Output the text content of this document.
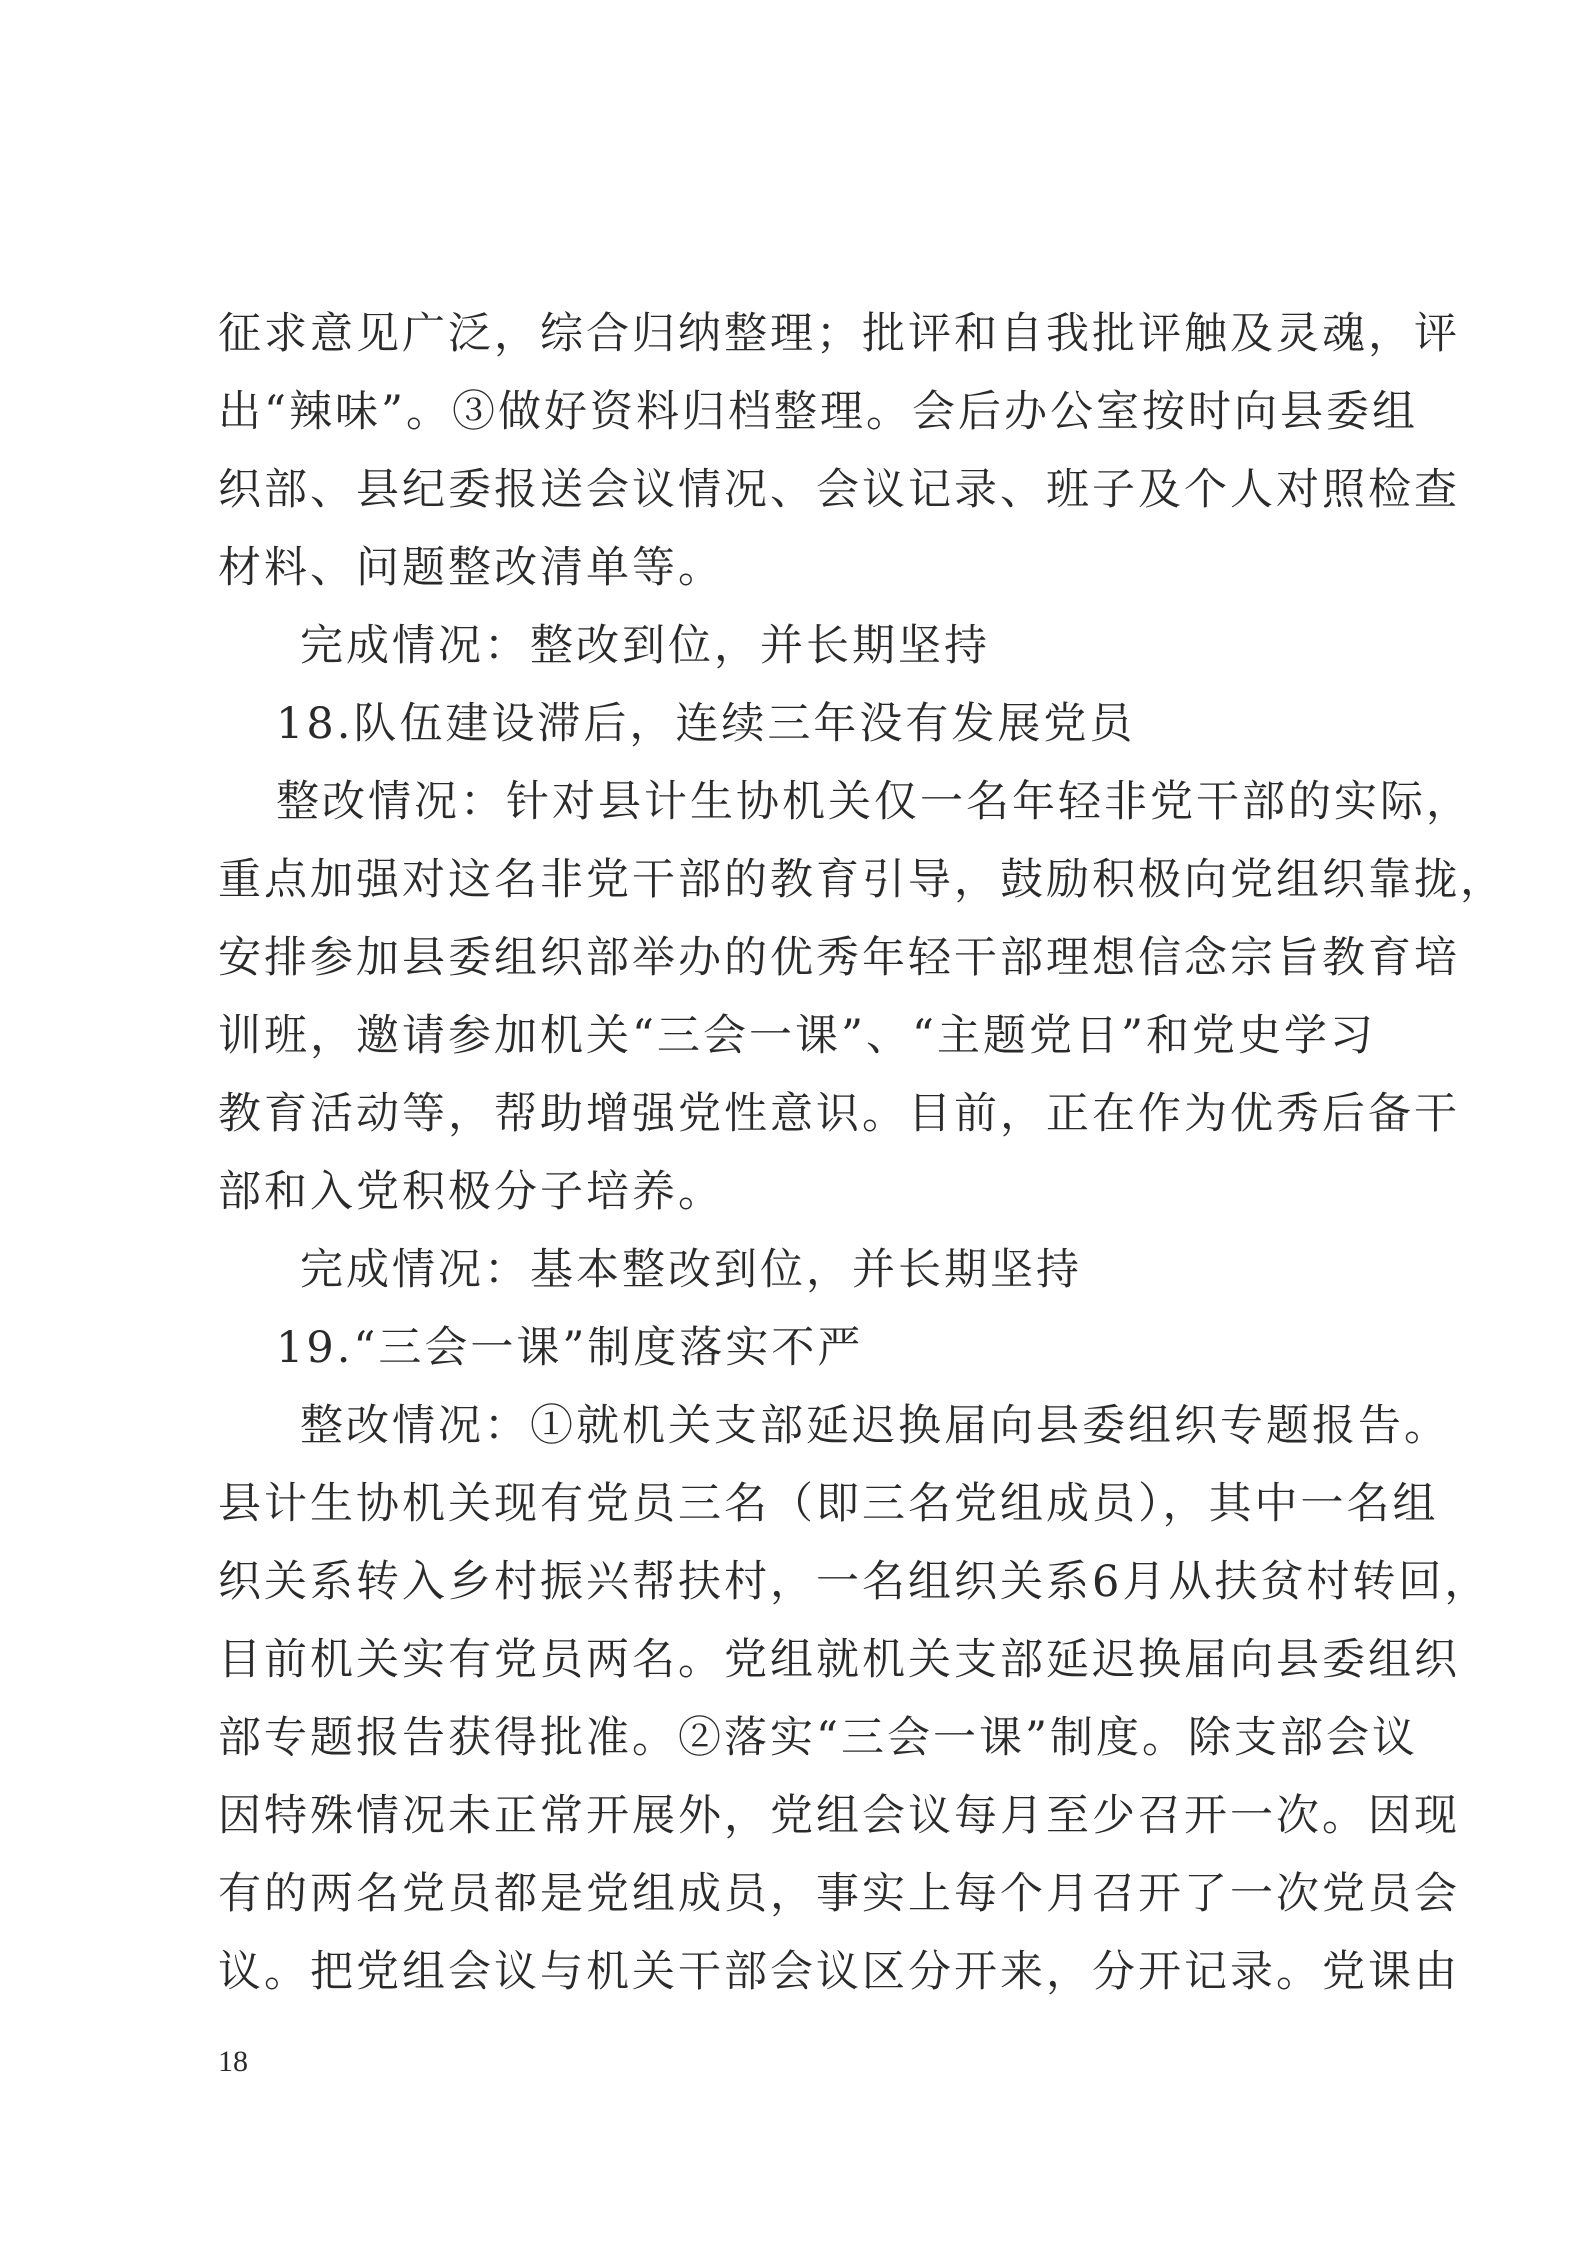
征求意见广泛，综合归纳整理；批评和自我批评触及灵魂，评
出“辣味”。③做好资料归档整理。会后办公室按时向县委组
织部、县纪委报送会议情况、会议记录、班子及个人对照检查
材料、问题整改清单等。
完成情况：整改到位，并长期坚持
18.队伍建设滞后，连续三年没有发展党员
整改情况：针对县计生协机关仅一名年轻非党干部的实际，
重点加强对这名非党干部的教育引导，鼓励积极向党组织靠拢，
安排参加县委组织部举办的优秀年轻干部理想信念宗旨教育培
训班，邀请参加机关“三会一课”、“主题党日”和党史学习
教育活动等，帮助增强党性意识。目前，正在作为优秀后备干
部和入党积极分子培养。
完成情况：基本整改到位，并长期坚持
19.“三会一课”制度落实不严
整改情况：①就机关支部延迟换届向县委组织专题报告。
县计生协机关现有党员三名（即三名党组成员），其中一名组
织关系转入乡村振兴帮扶村，一名组织关系6月从扶贫村转回，
目前机关实有党员两名。党组就机关支部延迟换届向县委组织
部专题报告获得批准。②落实“三会一课”制度。除支部会议
因特殊情况未正常开展外，党组会议每月至少召开一次。因现
有的两名党员都是党组成员，事实上每个月召开了一次党员会
议。把党组会议与机关干部会议区分开来，分开记录。党课由
18
